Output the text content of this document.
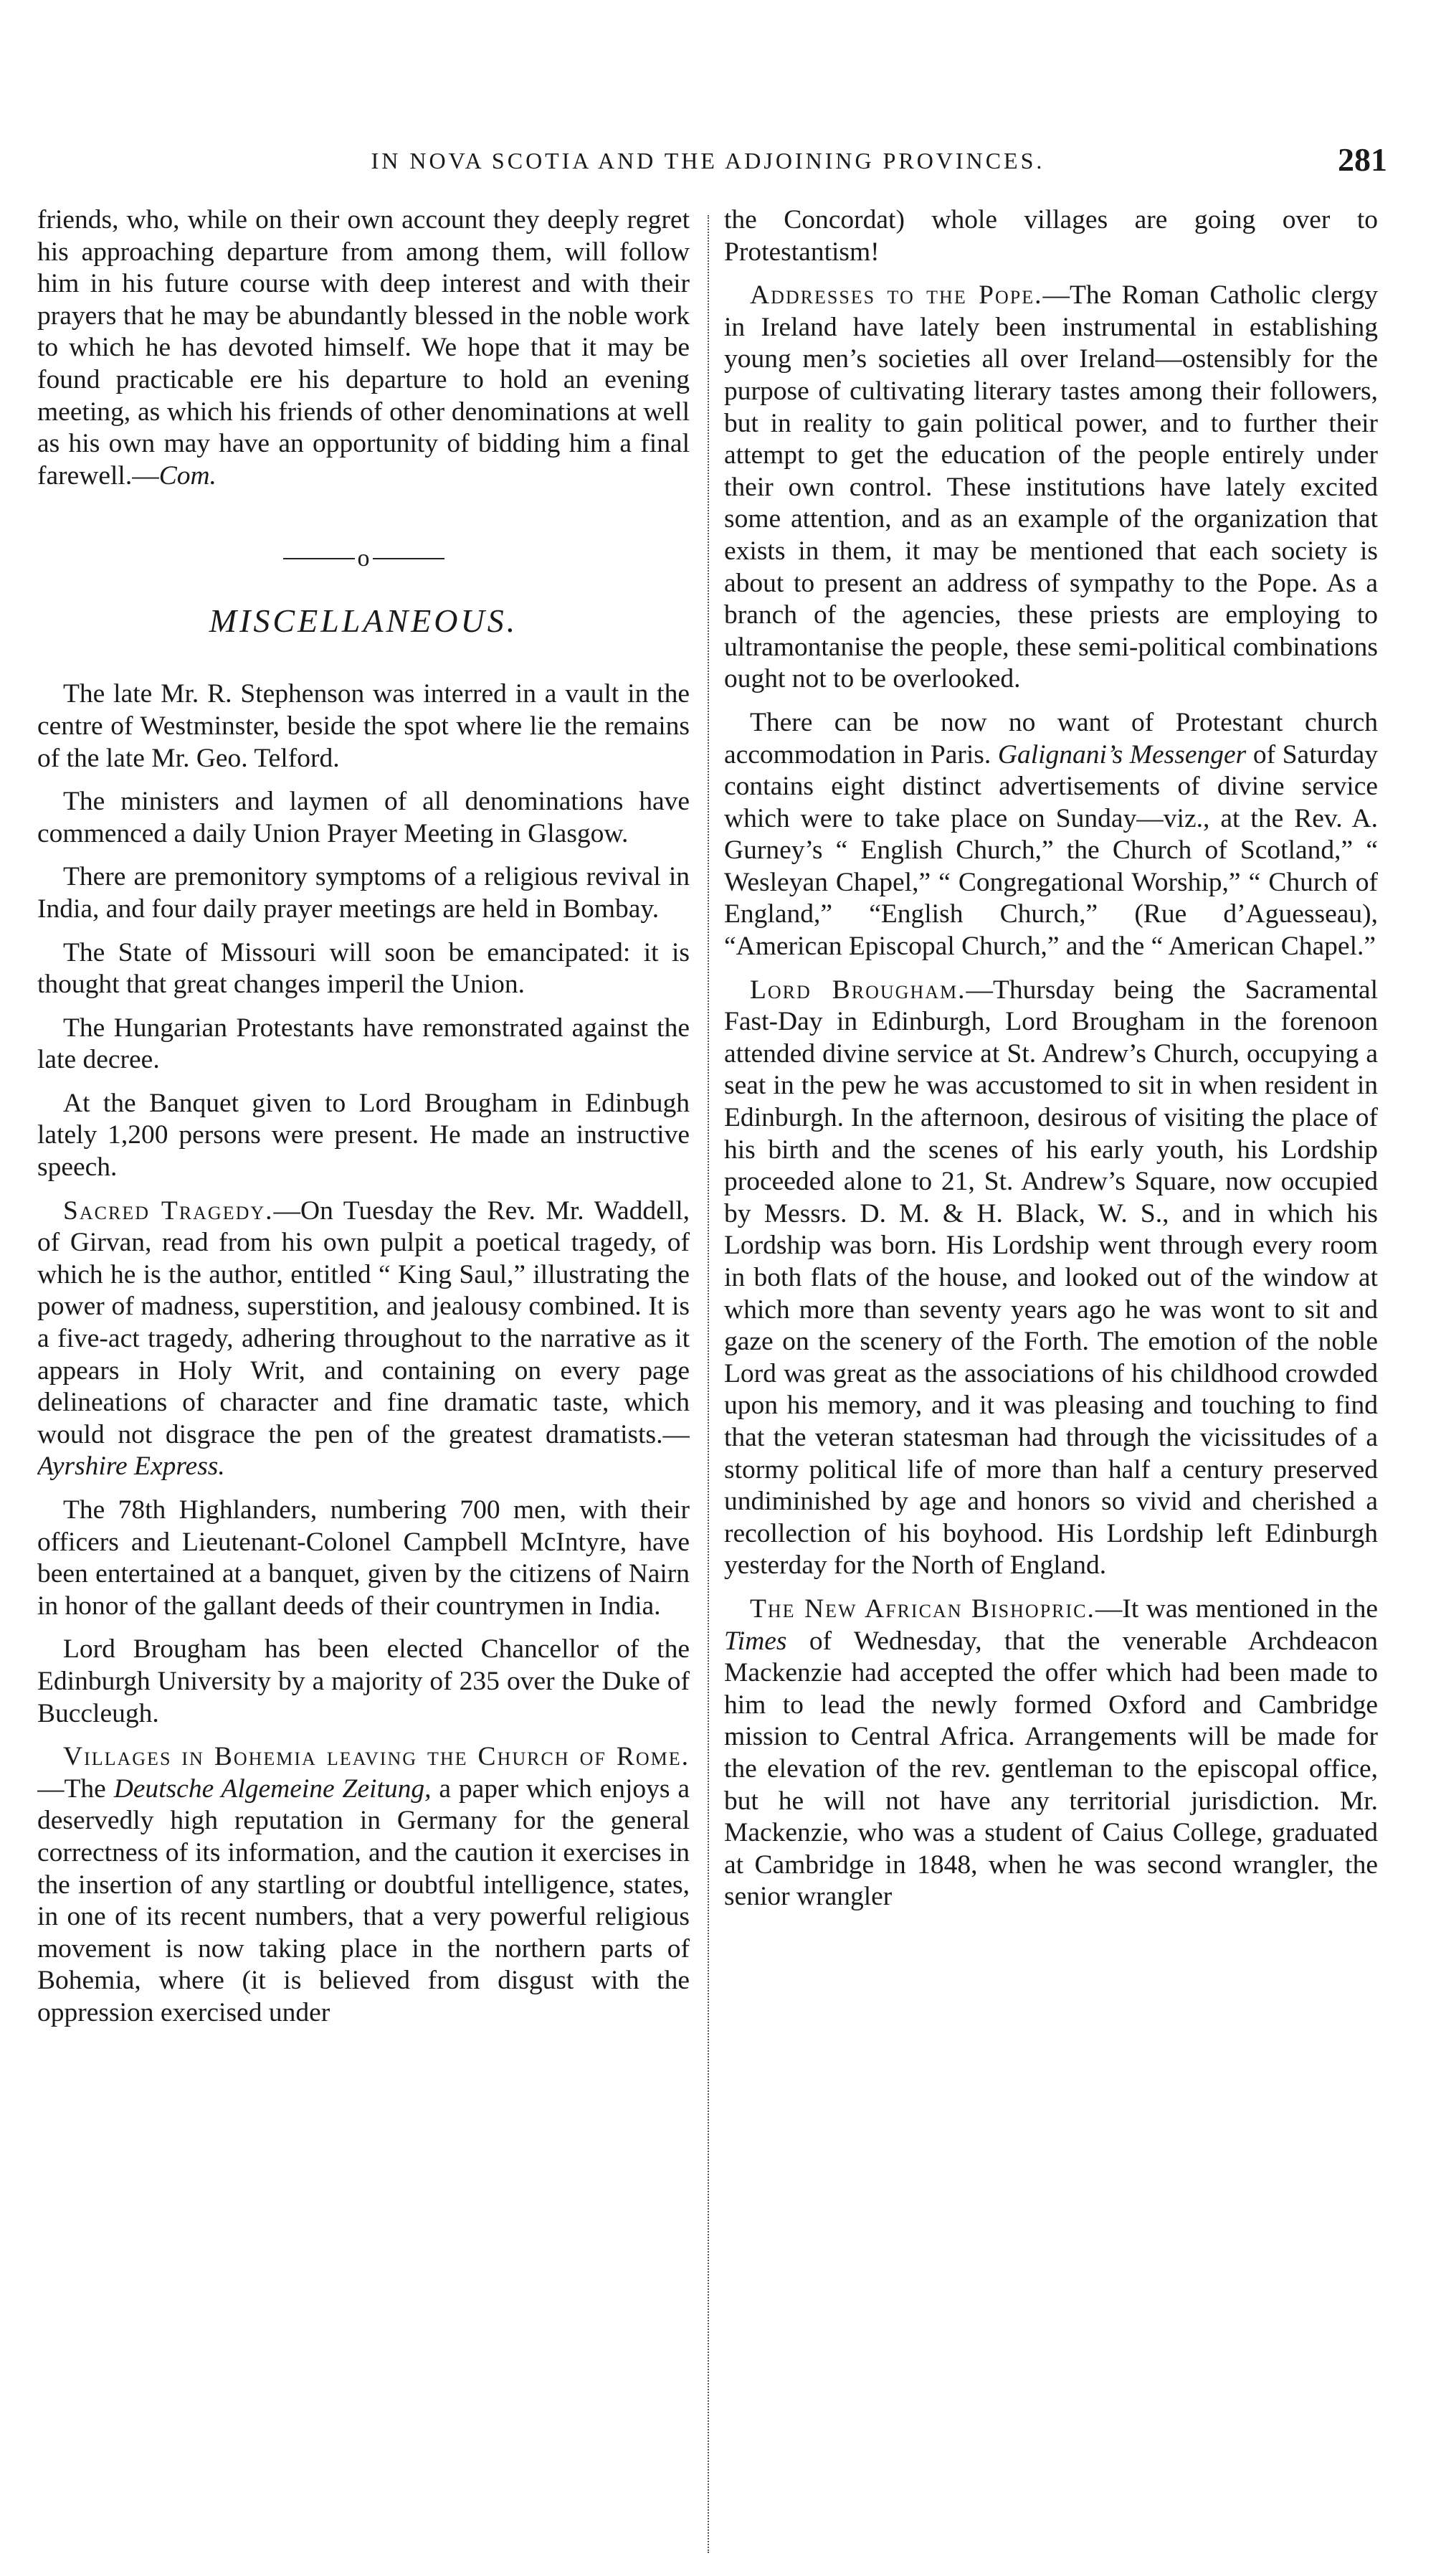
IN NOVA SCOTIA AND THE ADJOINING PROVINCES.	281

friends, who, while on their own account they deeply regret his approaching departure from among them, will follow him in his future course with deep interest and with their prayers that he may be abundantly blessed in the noble work to which he has devoted himself. We hope that it may be found practicable ere his departure to hold an evening meeting, as which his friends of other denominations at well as his own may have an opportunity of bidding him a final farewell.—Com.

o
MISCELLANEOUS.

The late Mr. R. Stephenson was interred in a vault in the centre of Westminster, beside the spot where lie the remains of the late Mr. Geo. Telford.

The ministers and laymen of all denominations have commenced a daily Union Prayer Meeting in Glasgow.

There are premonitory symptoms of a religious revival in India, and four daily prayer meetings are held in Bombay.

The State of Missouri will soon be emancipated: it is thought that great changes imperil the Union.

The Hungarian Protestants have remonstrated against the late decree.

At the Banquet given to Lord Brougham in Edinbugh lately 1,200 persons were present. He made an instructive speech.

Sacred Tragedy.—On Tuesday the Rev. Mr. Waddell, of Girvan, read from his own pulpit a poetical tragedy, of which he is the author, entitled “ King Saul,” illustrating the power of madness, superstition, and jealousy combined. It is a five-act tragedy, adhering throughout to the narrative as it appears in Holy Writ, and containing on every page delineations of character and fine dramatic taste, which would not disgrace the pen of the greatest dramatists.—Ayrshire Express.

The 78th Highlanders, numbering 700 men, with their officers and Lieutenant-Colonel Campbell McIntyre, have been entertained at a banquet, given by the citizens of Nairn in honor of the gallant deeds of their countrymen in India.

Lord Brougham has been elected Chancellor of the Edinburgh University by a majority of 235 over the Duke of Buccleugh.

Villages in Bohemia leaving the Church of Rome.—The Deutsche Algemeine Zeitung, a paper which enjoys a deservedly high reputation in Germany for the general correctness of its information, and the caution it exercises in the insertion of any startling or doubtful intelligence, states, in one of its recent numbers, that a very powerful religious movement is now taking place in the northern parts of Bohemia, where (it is believed from disgust with the oppression exercised under

the Concordat) whole villages are going over to Protestantism!

Addresses to the Pope.—The Roman Catholic clergy in Ireland have lately been instrumental in establishing young men’s societies all over Ireland—ostensibly for the purpose of cultivating literary tastes among their followers, but in reality to gain political power, and to further their attempt to get the education of the people entirely under their own control. These institutions have lately excited some attention, and as an example of the organization that exists in them, it may be mentioned that each society is about to present an address of sympathy to the Pope. As a branch of the agencies, these priests are employing to ultramontanise the people, these semi-political combinations ought not to be overlooked.

There can be now no want of Protestant church accommodation in Paris. Galignani’s Messenger of Saturday contains eight distinct advertisements of divine service which were to take place on Sunday—viz., at the Rev. A. Gurney’s “ English Church,” the Church of Scotland,” “ Wesleyan Chapel,” “ Congregational Worship,” “ Church of England,” “English Church,” (Rue d’Aguesseau), “American Episcopal Church,” and the “ American Chapel.”

Lord Brougham.—Thursday being the Sacramental Fast-Day in Edinburgh, Lord Brougham in the forenoon attended divine service at St. Andrew’s Church, occupying a seat in the pew he was accustomed to sit in when resident in Edinburgh. In the afternoon, desirous of visiting the place of his birth and the scenes of his early youth, his Lordship proceeded alone to 21, St. Andrew’s Square, now occupied by Messrs. D. M. & H. Black, W. S., and in which his Lordship was born. His Lordship went through every room in both flats of the house, and looked out of the window at which more than seventy years ago he was wont to sit and gaze on the scenery of the Forth. The emotion of the noble Lord was great as the associations of his childhood crowded upon his memory, and it was pleasing and touching to find that the veteran statesman had through the vicissitudes of a stormy political life of more than half a century preserved undiminished by age and honors so vivid and cherished a recollection of his boyhood. His Lordship left Edinburgh yesterday for the North of England.

The New African Bishopric.—It was mentioned in the Times of Wednesday, that the venerable Archdeacon Mackenzie had accepted the offer which had been made to him to lead the newly formed Oxford and Cambridge mission to Central Africa. Arrangements will be made for the elevation of the rev. gentleman to the episcopal office, but he will not have any territorial jurisdiction. Mr. Mackenzie, who was a student of Caius College, graduated at Cambridge in 1848, when he was second wrangler, the senior wrangler
